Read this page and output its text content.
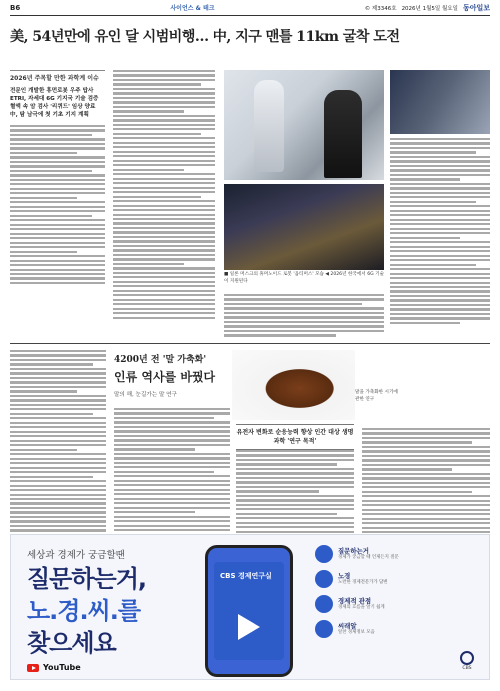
B6	사이언스 & 테크	© 제3346호 2026년 1월5일 월요일 동아일보
美, 54년만에 유인 달 시범비행… 中, 지구 맨틀 11km 굴착 도전
2026년 주목할 만한 과학계 이슈
전문인 개발한 휴먼로봇 우주 탑사 ETRI, 자세대 6G 기지국 기술 검증 혈액 속 암 검사 '리퀴드' 임상 양료 中, 탐 남극에 첫 기초 기지 계획
■ 일론 머스크의 휴머노이드 로봇 '옵티머스' 모습 ◀ 2026년 한국에서 6G 기술이 지원된다
4200년 전 '말 가축화'
인류 역사를 바꿨다
말의 해, 눈길가는 말 연구	말을 가축화한 시기에 관한 연구
유전자 변화로 순응능력 향상 인간 대상 생명과학 '연구 목적'
세상과 경제가 궁금할땐
질문하는거,
노.경.씨.를
찾으세요
YouTube
CBS 경제연구실
질문하는거
경제가 궁금할 때 언제든지 질문
노경
노련한 경제전문가가 답변
경제적 관점
경제의 흐름을 알기 쉽게
씨래알
알찬 경제정보 모음
CBS
